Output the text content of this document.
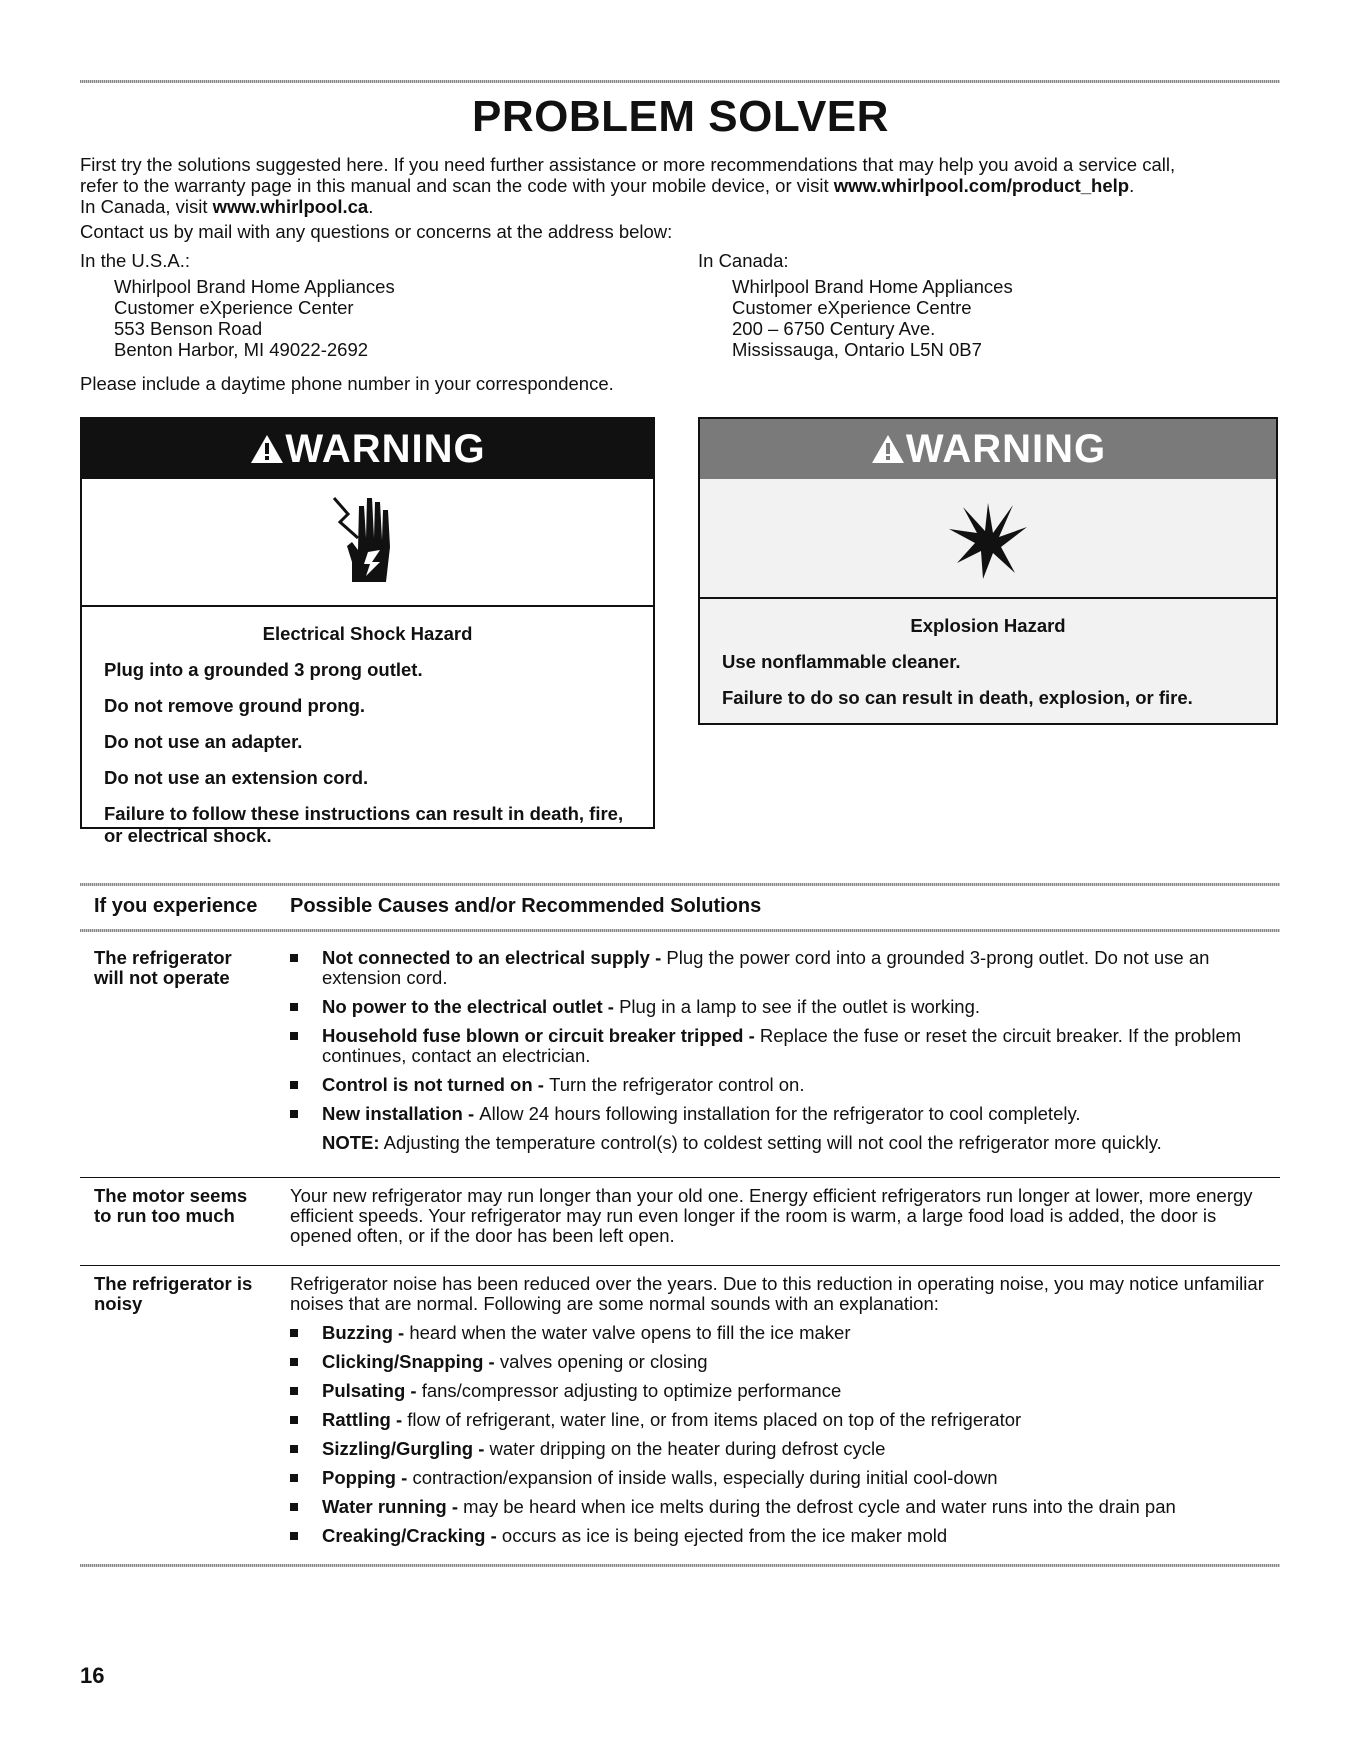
PROBLEM SOLVER

First try the solutions suggested here. If you need further assistance or more recommendations that may help you avoid a service call,

refer to the warranty page in this manual and scan the code with your mobile device, or visit www.whirlpool.com/product_help.

In Canada, visit www.whirlpool.ca.

Contact us by mail with any questions or concerns at the address below:

In the U.S.A.:
Whirlpool Brand Home Appliances
Customer eXperience Center
553 Benson Road
Benton Harbor, MI 49022-2692
In Canada:
Whirlpool Brand Home Appliances
Customer eXperience Centre
200 – 6750 Century Ave.
Mississauga, Ontario L5N 0B7
Please include a daytime phone number in your correspondence.
WARNING
Electrical Shock Hazard
Plug into a grounded 3 prong outlet.
Do not remove ground prong.
Do not use an adapter.
Do not use an extension cord.
Failure to follow these instructions can result in death, fire, or electrical shock.
WARNING
Explosion Hazard
Use nonflammable cleaner.
Failure to do so can result in death, explosion, or fire.
If you experience Possible Causes and/or Recommended Solutions
The refrigerator will not operate
Not connected to an electrical supply - Plug the power cord into a grounded 3-prong outlet. Do not use an extension cord.
No power to the electrical outlet - Plug in a lamp to see if the outlet is working.
Household fuse blown or circuit breaker tripped - Replace the fuse or reset the circuit breaker. If the problem continues, contact an electrician.
Control is not turned on - Turn the refrigerator control on.
New installation - Allow 24 hours following installation for the refrigerator to cool completely.

NOTE: Adjusting the temperature control(s) to coldest setting will not cool the refrigerator more quickly.

The motor seems to run too much

Your new refrigerator may run longer than your old one. Energy efficient refrigerators run longer at lower, more energy efficient speeds. Your refrigerator may run even longer if the room is warm, a large food load is added, the door is opened often, or if the door has been left open.

The refrigerator is noisy

Refrigerator noise has been reduced over the years. Due to this reduction in operating noise, you may notice unfamiliar noises that are normal. Following are some normal sounds with an explanation:

Buzzing - heard when the water valve opens to fill the ice maker
Clicking/Snapping - valves opening or closing
Pulsating - fans/compressor adjusting to optimize performance
Rattling - flow of refrigerant, water line, or from items placed on top of the refrigerator
Sizzling/Gurgling - water dripping on the heater during defrost cycle
Popping - contraction/expansion of inside walls, especially during initial cool-down
Water running - may be heard when ice melts during the defrost cycle and water runs into the drain pan
Creaking/Cracking - occurs as ice is being ejected from the ice maker mold
16
